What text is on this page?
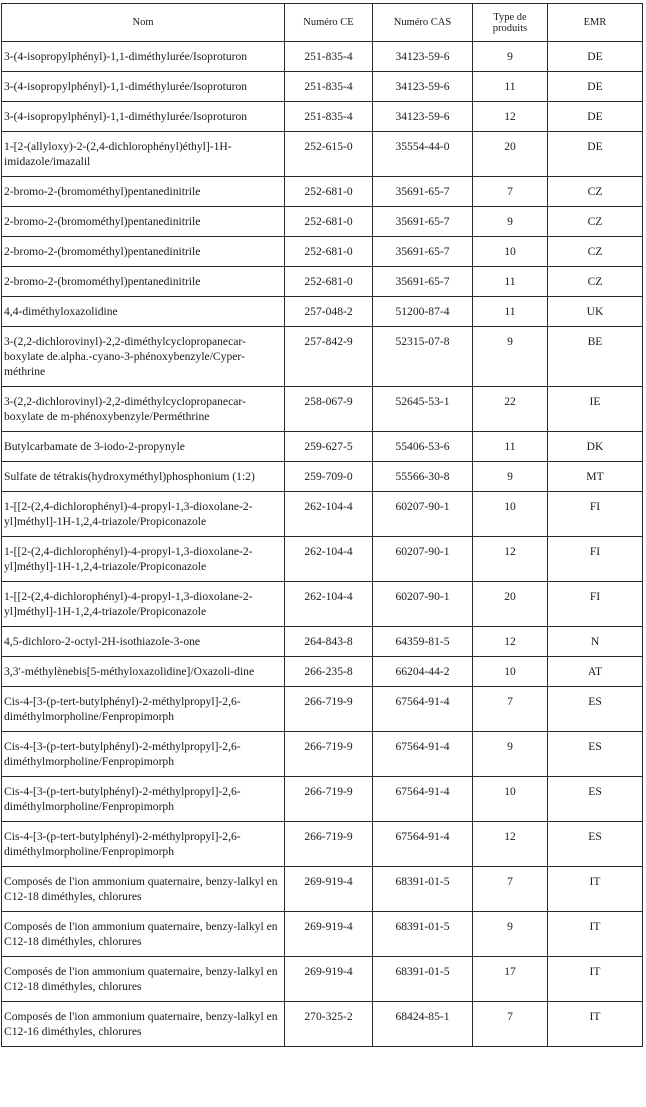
Nom	Numéro CE	Numéro CAS	Type de produits	EMR
3-(4-isopropylphényl)-1,1-diméthylurée/Isoproturon	251-835-4	34123-59-6	9	DE
3-(4-isopropylphényl)-1,1-diméthylurée/Isoproturon	251-835-4	34123-59-6	11	DE
3-(4-isopropylphényl)-1,1-diméthylurée/Isoproturon	251-835-4	34123-59-6	12	DE
1-[2-(allyloxy)-2-(2,4-dichlorophényl)éthyl]-1H-imidazole/imazalil	252-615-0	35554-44-0	20	DE
2-bromo-2-(bromométhyl)pentanedinitrile	252-681-0	35691-65-7	7	CZ
2-bromo-2-(bromométhyl)pentanedinitrile	252-681-0	35691-65-7	9	CZ
2-bromo-2-(bromométhyl)pentanedinitrile	252-681-0	35691-65-7	10	CZ
2-bromo-2-(bromométhyl)pentanedinitrile	252-681-0	35691-65-7	11	CZ
4,4-diméthyloxazolidine	257-048-2	51200-87-4	11	UK
3-(2,2-dichlorovinyl)-2,2-diméthylcyclopropanecar-boxylate de.alpha.-cyano-3-phénoxybenzyle/Cyper-méthrine	257-842-9	52315-07-8	9	BE
3-(2,2-dichlorovinyl)-2,2-diméthylcyclopropanecar-boxylate de m-phénoxybenzyle/Perméthrine	258-067-9	52645-53-1	22	IE
Butylcarbamate de 3-iodo-2-propynyle	259-627-5	55406-53-6	11	DK
Sulfate de tétrakis(hydroxyméthyl)phosphonium (1:2)	259-709-0	55566-30-8	9	MT
1-[[2-(2,4-dichlorophényl)-4-propyl-1,3-dioxolane-2-yl]méthyl]-1H-1,2,4-triazole/Propiconazole	262-104-4	60207-90-1	10	FI
1-[[2-(2,4-dichlorophényl)-4-propyl-1,3-dioxolane-2-yl]méthyl]-1H-1,2,4-triazole/Propiconazole	262-104-4	60207-90-1	12	FI
1-[[2-(2,4-dichlorophényl)-4-propyl-1,3-dioxolane-2-yl]méthyl]-1H-1,2,4-triazole/Propiconazole	262-104-4	60207-90-1	20	FI
4,5-dichloro-2-octyl-2H-isothiazole-3-one	264-843-8	64359-81-5	12	N
3,3′-méthylènebis[5-méthyloxazolidine]/Oxazoli-dine	266-235-8	66204-44-2	10	AT
Cis-4-[3-(p-tert-butylphényl)-2-méthylpropyl]-2,6-diméthylmorpholine/Fenpropimorph	266-719-9	67564-91-4	7	ES
Cis-4-[3-(p-tert-butylphényl)-2-méthylpropyl]-2,6-diméthylmorpholine/Fenpropimorph	266-719-9	67564-91-4	9	ES
Cis-4-[3-(p-tert-butylphényl)-2-méthylpropyl]-2,6-diméthylmorpholine/Fenpropimorph	266-719-9	67564-91-4	10	ES
Cis-4-[3-(p-tert-butylphényl)-2-méthylpropyl]-2,6-diméthylmorpholine/Fenpropimorph	266-719-9	67564-91-4	12	ES
Composés de l'ion ammonium quaternaire, benzy-lalkyl en C12-18 diméthyles, chlorures	269-919-4	68391-01-5	7	IT
Composés de l'ion ammonium quaternaire, benzy-lalkyl en C12-18 diméthyles, chlorures	269-919-4	68391-01-5	9	IT
Composés de l'ion ammonium quaternaire, benzy-lalkyl en C12-18 diméthyles, chlorures	269-919-4	68391-01-5	17	IT
Composés de l'ion ammonium quaternaire, benzy-lalkyl en C12-16 diméthyles, chlorures	270-325-2	68424-85-1	7	IT
